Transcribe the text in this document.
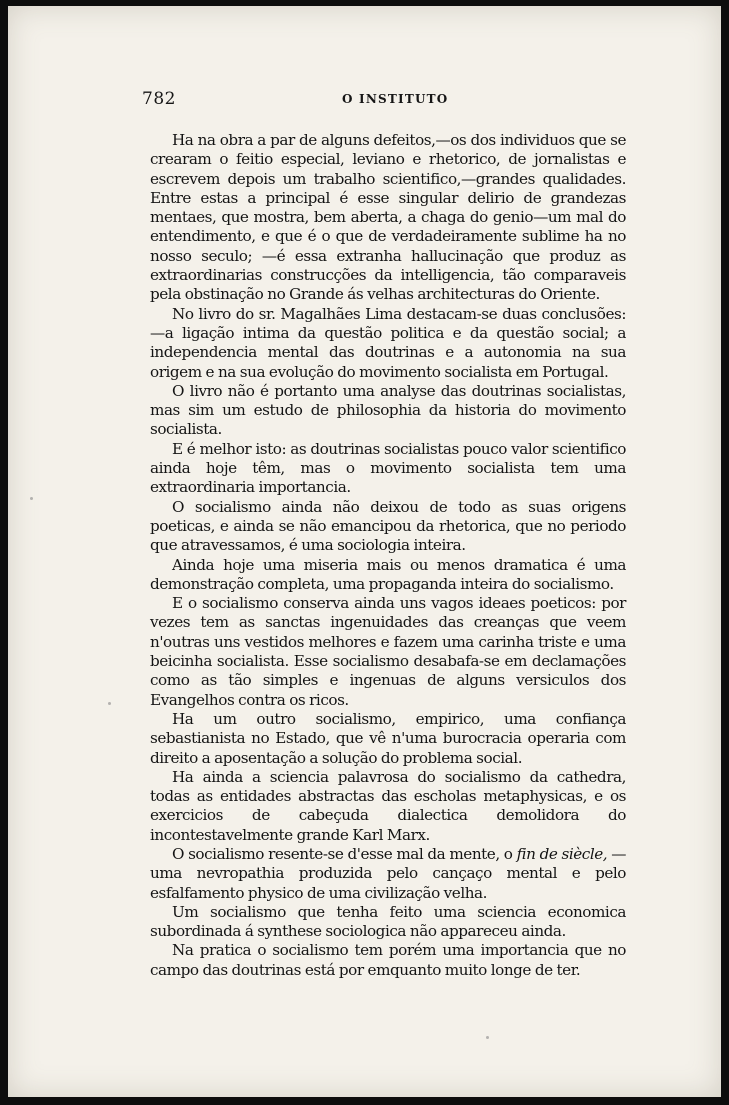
782	O INSTITUTO

Ha na obra a par de alguns defeitos,—os dos individuos que se crearam o feitio especial, leviano e rhetorico, de jornalistas e escrevem depois um trabalho scientifico,—grandes qualidades. Entre estas a principal é esse singular delirio de grandezas mentaes, que mostra, bem aberta, a chaga do genio—um mal do entendimento, e que é o que de verdadeiramente sublime ha no nosso seculo; —é essa extranha hallucinação que produz as extraordinarias construcções da intelligencia, tão comparaveis pela obstinação no Grande ás velhas architecturas do Oriente.

No livro do sr. Magalhães Lima destacam-se duas conclusões: —a ligação intima da questão politica e da questão social; a independencia mental das doutrinas e a autonomia na sua origem e na sua evolução do movimento socialista em Portugal.

O livro não é portanto uma analyse das doutrinas socialistas, mas sim um estudo de philosophia da historia do movimento socialista.

E é melhor isto: as doutrinas socialistas pouco valor scientifico ainda hoje têm, mas o movimento socialista tem uma extraordinaria importancia.

O socialismo ainda não deixou de todo as suas origens poeticas, e ainda se não emancipou da rhetorica, que no periodo que atravessamos, é uma sociologia inteira.

Ainda hoje uma miseria mais ou menos dramatica é uma demonstração completa, uma propaganda inteira do socialismo.

E o socialismo conserva ainda uns vagos ideaes poeticos: por vezes tem as sanctas ingenuidades das creanças que veem n'outras uns vestidos melhores e fazem uma carinha triste e uma beicinha socialista. Esse socialismo desabafa-se em declamações como as tão simples e ingenuas de alguns versiculos dos Evangelhos contra os ricos.

Ha um outro socialismo, empirico, uma confiança sebastianista no Estado, que vê n'uma burocracia operaria com direito a aposentação a solução do problema social.

Ha ainda a sciencia palavrosa do socialismo da cathedra, todas as entidades abstractas das escholas metaphysicas, e os exercicios de cabeçuda dialectica demolidora do incontestavelmente grande Karl Marx.

O socialismo resente-se d'esse mal da mente, o fin de siècle, —uma nevropathia produzida pelo cançaço mental e pelo esfalfamento physico de uma civilização velha.

Um socialismo que tenha feito uma sciencia economica subordinada á synthese sociologica não appareceu ainda.

Na pratica o socialismo tem porém uma importancia que no campo das doutrinas está por emquanto muito longe de ter.
